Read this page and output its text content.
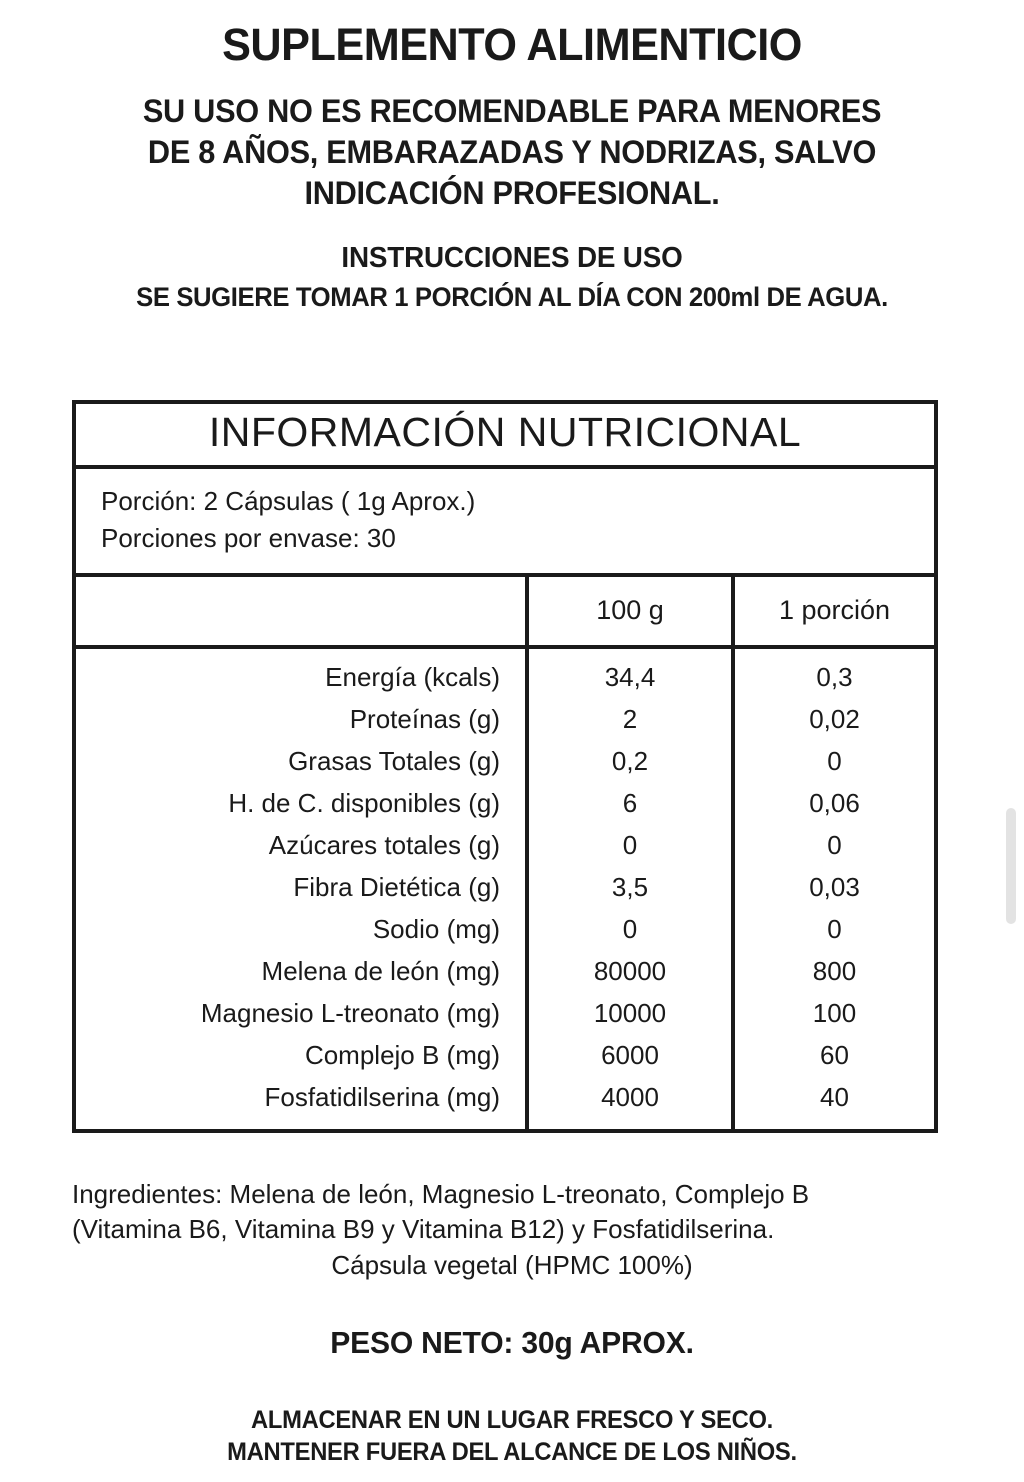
SUPLEMENTO ALIMENTICIO
SU USO NO ES RECOMENDABLE PARA MENORES
DE 8 AÑOS, EMBARAZADAS Y NODRIZAS, SALVO
INDICACIÓN PROFESIONAL.
INSTRUCCIONES DE USO
SE SUGIERE TOMAR 1 PORCIÓN AL DÍA CON 200ml DE AGUA.
INFORMACIÓN NUTRICIONAL
Porción: 2 Cápsulas ( 1g Aprox.)
Porciones por envase: 30
	100 g	1 porción
Energía (kcals)	34,4	0,3
Proteínas (g)	2	0,02
Grasas Totales (g)	0,2	0
H. de C. disponibles (g)	6	0,06
Azúcares totales (g)	0	0
Fibra Dietética (g)	3,5	0,03
Sodio (mg)	0	0
Melena de león (mg)	80000	800
Magnesio L-treonato (mg)	10000	100
Complejo B (mg)	6000	60
Fosfatidilserina (mg)	4000	40
Ingredientes: Melena de león, Magnesio L-treonato, Complejo B
(Vitamina B6, Vitamina B9 y Vitamina B12) y Fosfatidilserina.
Cápsula vegetal (HPMC 100%)
PESO NETO: 30g APROX.
ALMACENAR EN UN LUGAR FRESCO Y SECO.
MANTENER FUERA DEL ALCANCE DE LOS NIÑOS.
